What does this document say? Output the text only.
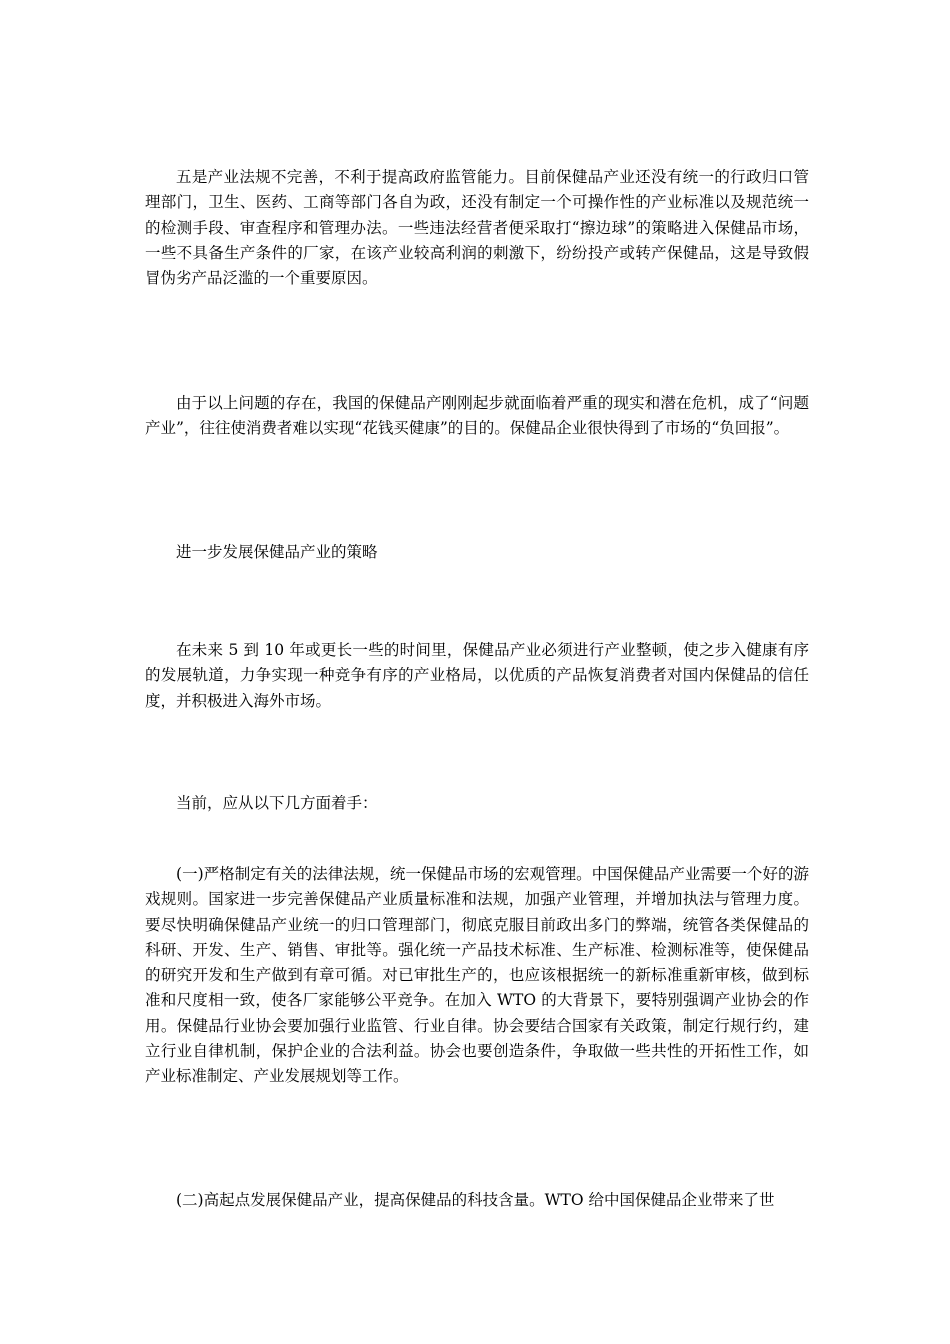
五是产业法规不完善，不利于提高政府监管能力。目前保健品产业还没有统一的行政归口管理部门，卫生、医药、工商等部门各自为政，还没有制定一个可操作性的产业标准以及规范统一的检测手段、审查程序和管理办法。一些违法经营者便采取打“擦边球”的策略进入保健品市场，一些不具备生产条件的厂家，在该产业较高利润的刺激下，纷纷投产或转产保健品，这是导致假冒伪劣产品泛滥的一个重要原因。

由于以上问题的存在，我国的保健品产刚刚起步就面临着严重的现实和潜在危机，成了“问题产业”，往往使消费者难以实现“花钱买健康”的目的。保健品企业很快得到了市场的“负回报”。

进一步发展保健品产业的策略

在未来 5 到 10 年或更长一些的时间里，保健品产业必须进行产业整顿，使之步入健康有序的发展轨道，力争实现一种竞争有序的产业格局，以优质的产品恢复消费者对国内保健品的信任度，并积极进入海外市场。

当前，应从以下几方面着手：

(一)严格制定有关的法律法规，统一保健品市场的宏观管理。中国保健品产业需要一个好的游戏规则。国家进一步完善保健品产业质量标准和法规，加强产业管理，并增加执法与管理力度。要尽快明确保健品产业统一的归口管理部门，彻底克服目前政出多门的弊端，统管各类保健品的科研、开发、生产、销售、审批等。强化统一产品技术标准、生产标准、检测标准等，使保健品的研究开发和生产做到有章可循。对已审批生产的，也应该根据统一的新标准重新审核，做到标准和尺度相一致，使各厂家能够公平竞争。在加入 WTO 的大背景下，要特别强调产业协会的作用。保健品行业协会要加强行业监管、行业自律。协会要结合国家有关政策，制定行规行约，建立行业自律机制，保护企业的合法利益。协会也要创造条件，争取做一些共性的开拓性工作，如产业标准制定、产业发展规划等工作。

(二)高起点发展保健品产业，提高保健品的科技含量。WTO 给中国保健品企业带来了世
